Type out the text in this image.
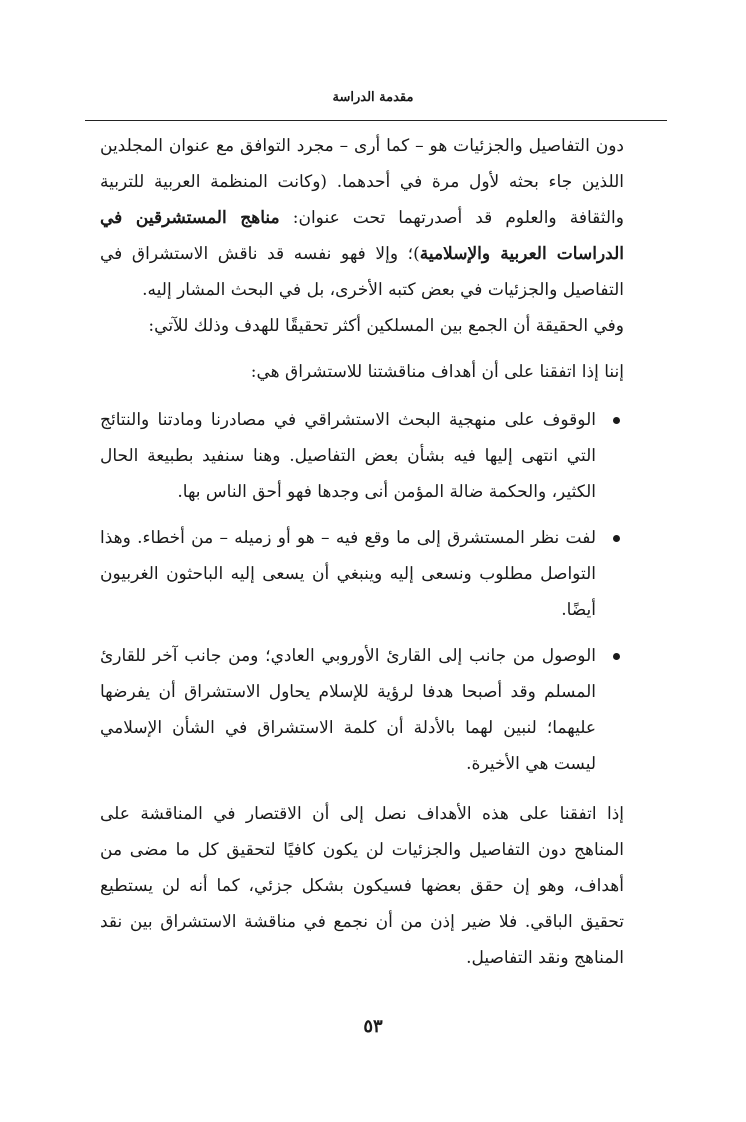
مقدمة الدراسة

دون التفاصيل والجزئيات هو – كما أرى – مجرد التوافق مع عنوان المجلدين اللذين جاء بحثه لأول مرة في أحدهما. (وكانت المنظمة العربية للتربية والثقافة والعلوم قد أصدرتهما تحت عنوان: مناهج المستشرقين في الدراسات العربية والإسلامية)؛ وإلا فهو نفسه قد ناقش الاستشراق في التفاصيل والجزئيات في بعض كتبه الأخرى، بل في البحث المشار إليه.

وفي الحقيقة أن الجمع بين المسلكين أكثر تحقيقًا للهدف وذلك للآتي:

إننا إذا اتفقنا على أن أهداف مناقشتنا للاستشراق هي:

الوقوف على منهجية البحث الاستشراقي في مصادرنا ومادتنا والنتائج التي انتهى إليها فيه بشأن بعض التفاصيل. وهنا سنفيد بطبيعة الحال الكثير، والحكمة ضالة المؤمن أنى وجدها فهو أحق الناس بها.
لفت نظر المستشرق إلى ما وقع فيه – هو أو زميله – من أخطاء. وهذا التواصل مطلوب ونسعى إليه وينبغي أن يسعى إليه الباحثون الغربيون أيضًا.
الوصول من جانب إلى القارئ الأوروبي العادي؛ ومن جانب آخر للقارئ المسلم وقد أصبحا هدفا لرؤية للإسلام يحاول الاستشراق أن يفرضها عليهما؛ لنبين لهما بالأدلة أن كلمة الاستشراق في الشأن الإسلامي ليست هي الأخيرة.

إذا اتفقنا على هذه الأهداف نصل إلى أن الاقتصار في المناقشة على المناهج دون التفاصيل والجزئيات لن يكون كافيًا لتحقيق كل ما مضى من أهداف، وهو إن حقق بعضها فسيكون بشكل جزئي، كما أنه لن يستطيع تحقيق الباقي. فلا ضير إذن من أن نجمع في مناقشة الاستشراق بين نقد المناهج ونقد التفاصيل.

٥٣
